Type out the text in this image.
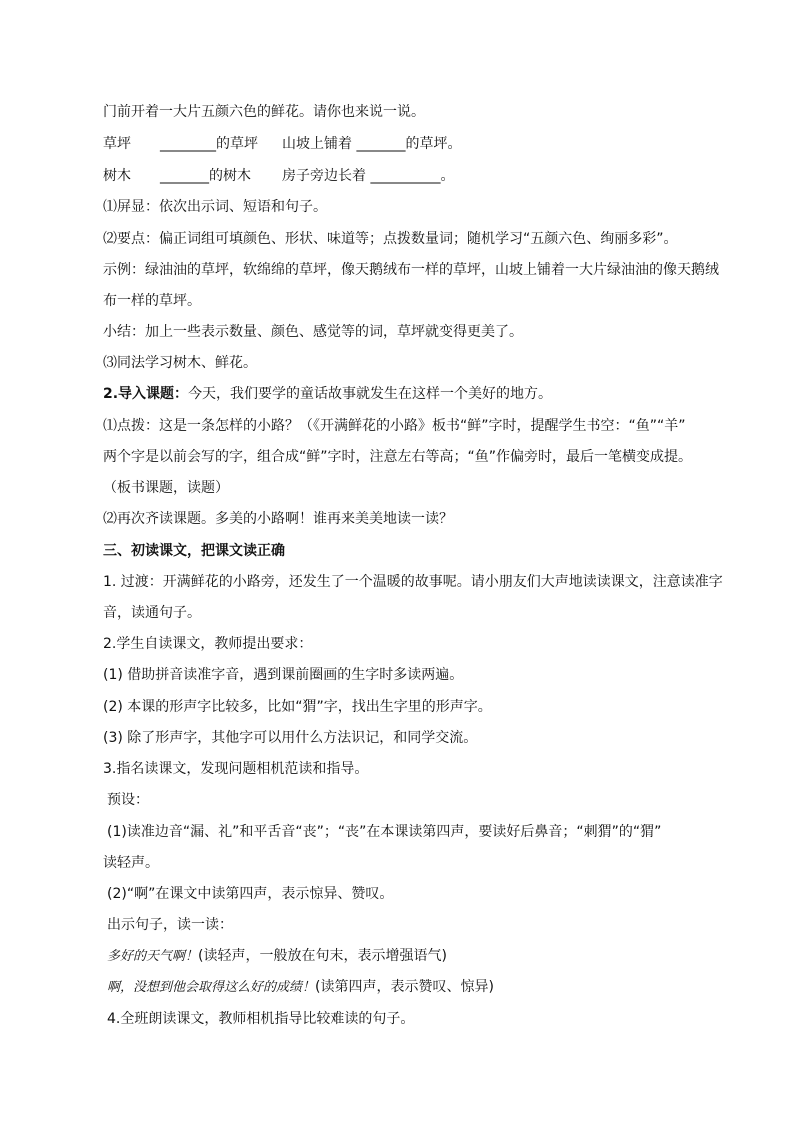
门前开着一大片五颜六色的鲜花。请你也来说一说。
草坪 ________的草坪 山坡上铺着 _______的草坪。
树木 _______的树木 房子旁边长着 __________。
⑴屏显：依次出示词、短语和句子。
⑵要点：偏正词组可填颜色、形状、味道等；点拨数量词；随机学习“五颜六色、绚丽多彩”。
示例：绿油油的草坪，软绵绵的草坪，像天鹅绒布一样的草坪，山坡上铺着一大片绿油油的像天鹅绒
布一样的草坪。
小结：加上一些表示数量、颜色、感觉等的词，草坪就变得更美了。
⑶同法学习树木、鲜花。
2.导入课题：今天，我们要学的童话故事就发生在这样一个美好的地方。
⑴点拨：这是一条怎样的小路？（《开满鲜花的小路》板书“鲜”字时，提醒学生书空：“鱼”“羊”
两个字是以前会写的字，组合成“鲜”字时，注意左右等高；“鱼”作偏旁时，最后一笔横变成提。
（板书课题，读题）
⑵再次齐读课题。多美的小路啊！谁再来美美地读一读？
三、初读课文，把课文读正确
1. 过渡：开满鲜花的小路旁，还发生了一个温暖的故事呢。请小朋友们大声地读读课文，注意读准字
音，读通句子。
2.学生自读课文，教师提出要求：
(1) 借助拼音读准字音，遇到课前圈画的生字时多读两遍。
(2) 本课的形声字比较多，比如“猬”字，找出生字里的形声字。
(3) 除了形声字，其他字可以用什么方法识记，和同学交流。
3.指名读课文，发现问题相机范读和指导。
预设：
(1)读准边音“漏、礼”和平舌音“丧”；“丧”在本课读第四声，要读好后鼻音；“刺猬”的“猬”
读轻声。
(2)“啊”在课文中读第四声，表示惊异、赞叹。
出示句子，读一读：
多好的天气啊！(读轻声，一般放在句末，表示增强语气)
啊，没想到他会取得这么好的成绩！(读第四声，表示赞叹、惊异)
4.全班朗读课文，教师相机指导比较难读的句子。
